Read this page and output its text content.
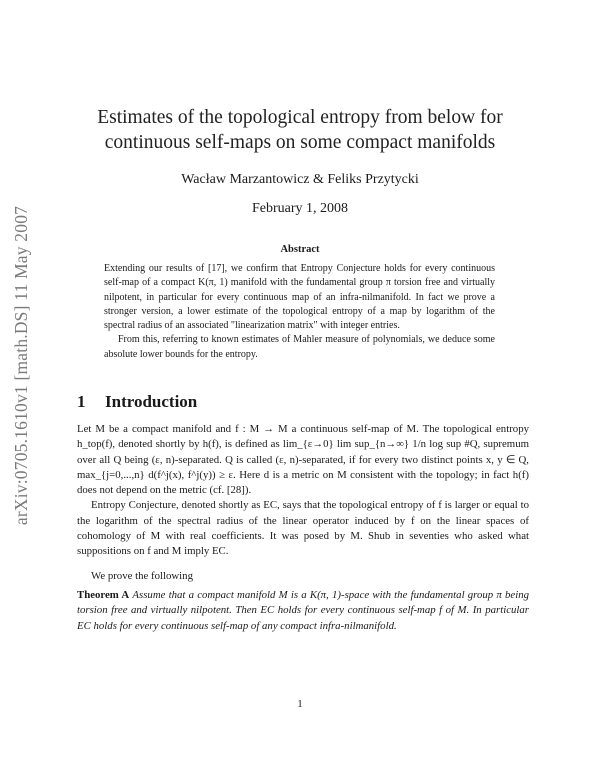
arXiv:0705.1610v1 [math.DS] 11 May 2007
Estimates of the topological entropy from below for
continuous self-maps on some compact manifolds
Wacław Marzantowicz & Feliks Przytycki
February 1, 2008
Abstract

Extending our results of [17], we confirm that Entropy Conjecture holds for every continuous self-map of a compact K(π, 1) manifold with the fundamental group π torsion free and virtually nilpotent, in particular for every continuous map of an infra-nilmanifold. In fact we prove a stronger version, a lower estimate of the topological entropy of a map by logarithm of the spectral radius of an associated "linearization matrix" with integer entries.

From this, referring to known estimates of Mahler measure of polynomials, we deduce some absolute lower bounds for the entropy.

1 Introduction

Let M be a compact manifold and f : M → M a continuous self-map of M. The topological entropy h_top(f), denoted shortly by h(f), is defined as lim_{ε→0} lim sup_{n→∞} 1/n log sup #Q, supremum over all Q being (ε, n)-separated. Q is called (ε, n)-separated, if for every two distinct points x, y ∈ Q, max_{j=0,...,n} d(f^j(x), f^j(y)) ≥ ε. Here d is a metric on M consistent with the topology; in fact h(f) does not depend on the metric (cf. [28]).

Entropy Conjecture, denoted shortly as EC, says that the topological entropy of f is larger or equal to the logarithm of the spectral radius of the linear operator induced by f on the linear spaces of cohomology of M with real coefficients. It was posed by M. Shub in seventies who asked what suppositions on f and M imply EC.

We prove the following

Theorem A Assume that a compact manifold M is a K(π, 1)-space with the fundamental group π being torsion free and virtually nilpotent. Then EC holds for every continuous self-map f of M. In particular EC holds for every continuous self-map of any compact infra-nilmanifold.
1
